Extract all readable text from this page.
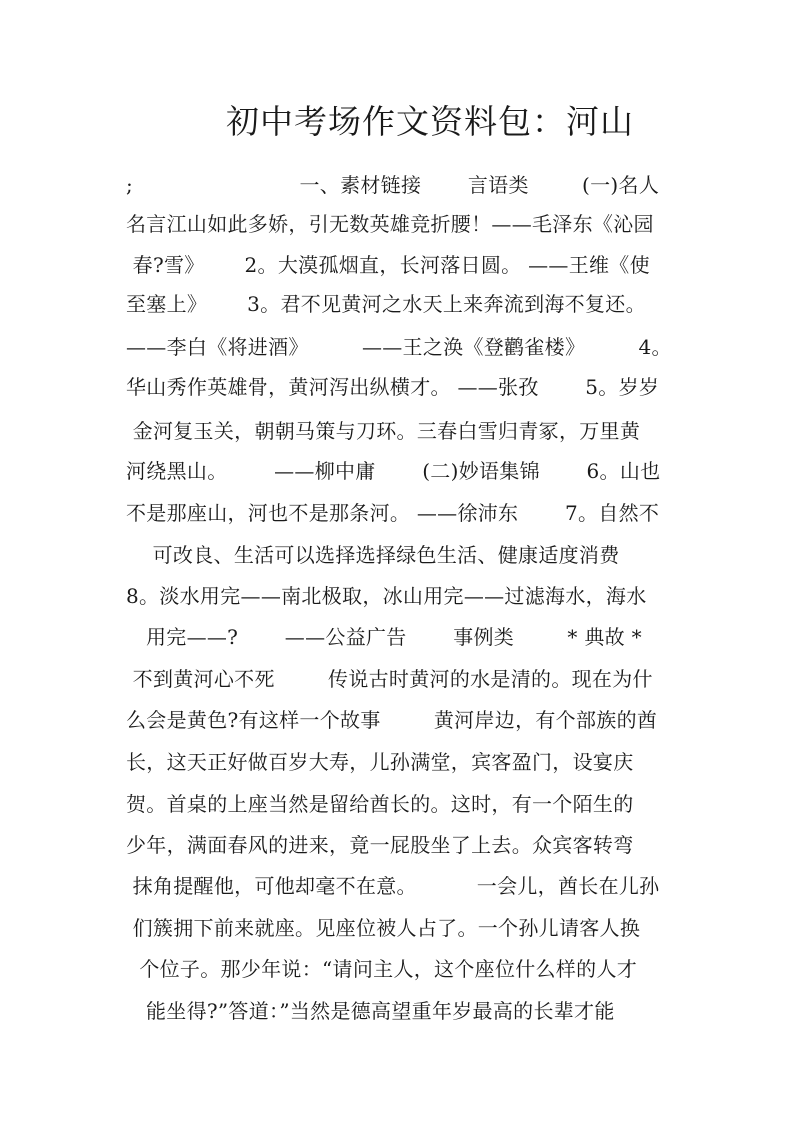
初中考场作文资料包：河山
;                         一、素材链接       言语类        (一)名人
名言江山如此多娇，引无数英雄竞折腰！——毛泽东《沁园
春?雪》      2。大漠孤烟直，长河落日圆。 ——王维《使
至塞上》      3。君不见黄河之水天上来奔流到海不复还。
——李白《将进酒》        ——王之涣《登鹳雀楼》        4。
华山秀作英雄骨，黄河泻出纵横才。 ——张孜       5。岁岁
金河复玉关，朝朝马策与刀环。三春白雪归青冢，万里黄
河绕黑山。       ——柳中庸       (二)妙语集锦       6。山也
不是那座山，河也不是那条河。 ——徐沛东       7。自然不
可改良、生活可以选择选择绿色生活、健康适度消费
8。淡水用完——南北极取，冰山用完——过滤海水，海水
用完——?       ——公益广告       事例类        * 典故 *
不到黄河心不死        传说古时黄河的水是清的。现在为什
么会是黄色?有这样一个故事        黄河岸边，有个部族的酋
长，这天正好做百岁大寿，儿孙满堂，宾客盈门，设宴庆
贺。首桌的上座当然是留给酋长的。这时，有一个陌生的
少年，满面春风的进来，竟一屁股坐了上去。众宾客转弯
抹角提醒他，可他却毫不在意。         一会儿，酋长在儿孙
们簇拥下前来就座。见座位被人占了。一个孙儿请客人换
个位子。那少年说：“请问主人，这个座位什么样的人才
能坐得?”答道：”当然是德高望重年岁最高的长辈才能
